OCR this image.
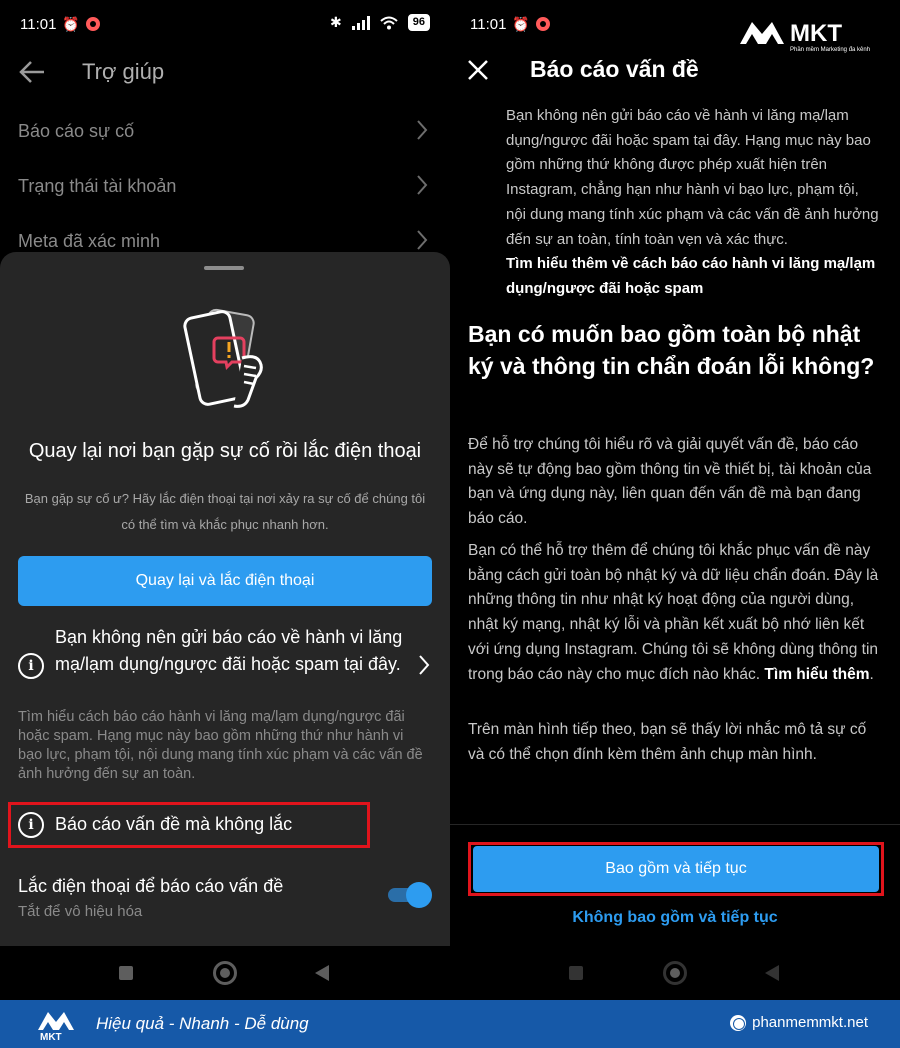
11:01 ⏰	✱	96
Trợ giúp
Báo cáo sự cố
Trạng thái tài khoản
Meta đã xác minh
Quay lại nơi bạn gặp sự cố rồi lắc điện thoại
Bạn gặp sự cố ư? Hãy lắc điện thoại tại nơi xảy ra sự cố để chúng tôi có thể tìm và khắc phục nhanh hơn.
Quay lại và lắc điện thoại
i
Bạn không nên gửi báo cáo về hành vi lăng mạ/lạm dụng/ngược đãi hoặc spam tại đây.
Tìm hiểu cách báo cáo hành vi lăng mạ/lạm dụng/ngược đãi hoặc spam. Hạng mục này bao gồm những thứ như hành vi bạo lực, phạm tội, nội dung mang tính xúc phạm và các vấn đề ảnh hưởng đến sự an toàn.
i	Báo cáo vấn đề mà không lắc
Lắc điện thoại để báo cáo vấn đề
Tắt để vô hiệu hóa
11:01 ⏰	MKT
Phần mềm Marketing đa kênh
Báo cáo vấn đề
Bạn không nên gửi báo cáo về hành vi lăng mạ/lạm dụng/ngược đãi hoặc spam tại đây. Hạng mục này bao gồm những thứ không được phép xuất hiện trên Instagram, chẳng hạn như hành vi bạo lực, phạm tội, nội dung mang tính xúc phạm và các vấn đề ảnh hưởng đến sự an toàn, tính toàn vẹn và xác thực.
Tìm hiểu thêm về cách báo cáo hành vi lăng mạ/lạm dụng/ngược đãi hoặc spam
Bạn có muốn bao gồm toàn bộ nhật ký và thông tin chẩn đoán lỗi không?
Để hỗ trợ chúng tôi hiểu rõ và giải quyết vấn đề, báo cáo này sẽ tự động bao gồm thông tin về thiết bị, tài khoản của bạn và ứng dụng này, liên quan đến vấn đề mà bạn đang báo cáo.
Bạn có thể hỗ trợ thêm để chúng tôi khắc phục vấn đề này bằng cách gửi toàn bộ nhật ký và dữ liệu chẩn đoán. Đây là những thông tin như nhật ký hoạt động của người dùng, nhật ký mạng, nhật ký lỗi và phần kết xuất bộ nhớ liên kết với ứng dụng Instagram. Chúng tôi sẽ không dùng thông tin trong báo cáo này cho mục đích nào khác. Tìm hiểu thêm.
Trên màn hình tiếp theo, bạn sẽ thấy lời nhắc mô tả sự cố và có thể chọn đính kèm thêm ảnh chụp màn hình.
Bao gồm và tiếp tục
Không bao gồm và tiếp tục
MKT
Hiệu quả - Nhanh - Dễ dùng	phanmemmkt.net
